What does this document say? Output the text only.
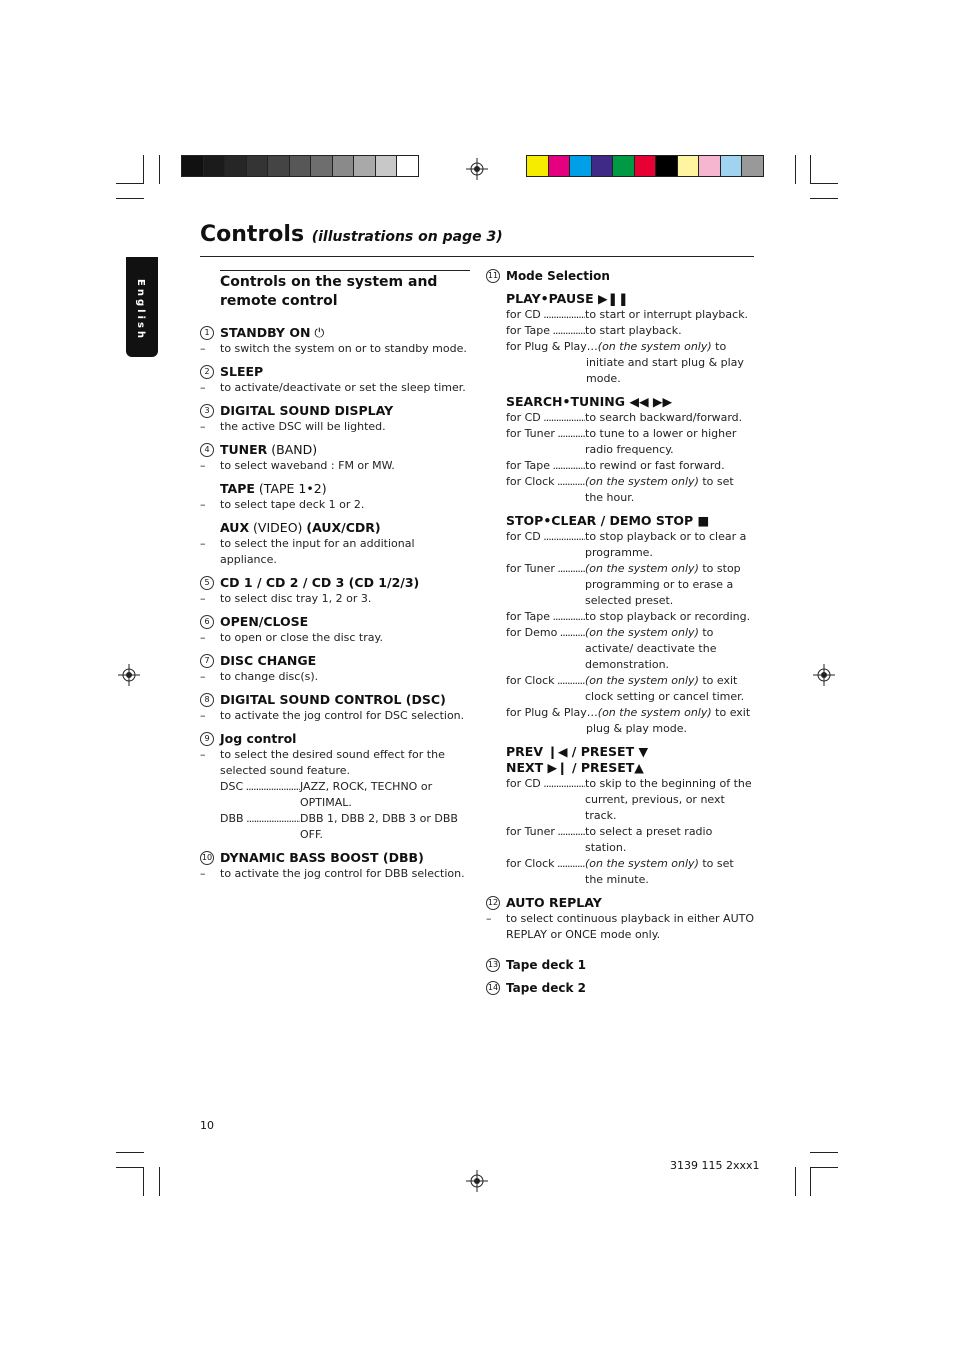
Controls (illustrations on page 3)
English	Controls on the system and remote control
1 STANDBY ON ⏻
– to switch the system on or to standby mode.
2 SLEEP
– to activate/deactivate or set the sleep timer.
3 DIGITAL SOUND DISPLAY
– the active DSC will be lighted.
4 TUNER (BAND)
– to select waveband : FM or MW.
TAPE (TAPE 1•2)
– to select tape deck 1 or 2.
AUX (VIDEO) (AUX/CDR)
– to select the input for an additional appliance.
5 CD 1 / CD 2 / CD 3 (CD 1/2/3)
– to select disc tray 1, 2 or 3.
6 OPEN/CLOSE
– to open or close the disc tray.
7 DISC CHANGE
– to change disc(s).
8 DIGITAL SOUND CONTROL (DSC)
– to activate the jog control for DSC selection.
9 Jog control
– to select the desired sound effect for the selected sound feature.
DSC .....	JAZZ, ROCK, TECHNO or OPTIMAL.
DBB .....	DBB 1, DBB 2, DBB 3 or DBB OFF.
10 DYNAMIC BASS BOOST (DBB)
– to activate the jog control for DBB selection.
11 Mode Selection
PLAY•PAUSE ▶❚❚
for CD .....	to start or interrupt playback.
for Tape .....	to start playback.
for Plug & Play…(on the system only) to initiate and start plug & play mode.
SEARCH•TUNING ◀◀ ▶▶
for CD .....	to search backward/forward.
for Tuner .....	to tune to a lower or higher radio frequency.
for Tape .....	to rewind or fast forward.
for Clock .....	(on the system only) to set the hour.
STOP•CLEAR / DEMO STOP ■
for CD .....	to stop playback or to clear a programme.
for Tuner .....	(on the system only) to stop programming or to erase a selected preset.
for Tape .....	to stop playback or recording.
for Demo .....	(on the system only) to activate/ deactivate the demonstration.
for Clock .....	(on the system only) to exit clock setting or cancel timer.
for Plug & Play…(on the system only) to exit plug & play mode.
PREV ❙◀ / PRESET ▼
NEXT ▶❙ / PRESET▲
for CD .....	to skip to the beginning of the current, previous, or next track.
for Tuner .....	to select a preset radio station.
for Clock .....	(on the system only) to set the minute.
12 AUTO REPLAY
– to select continuous playback in either AUTO REPLAY or ONCE mode only.
13 Tape deck 1
14 Tape deck 2
10
3139 115 2xxx1
